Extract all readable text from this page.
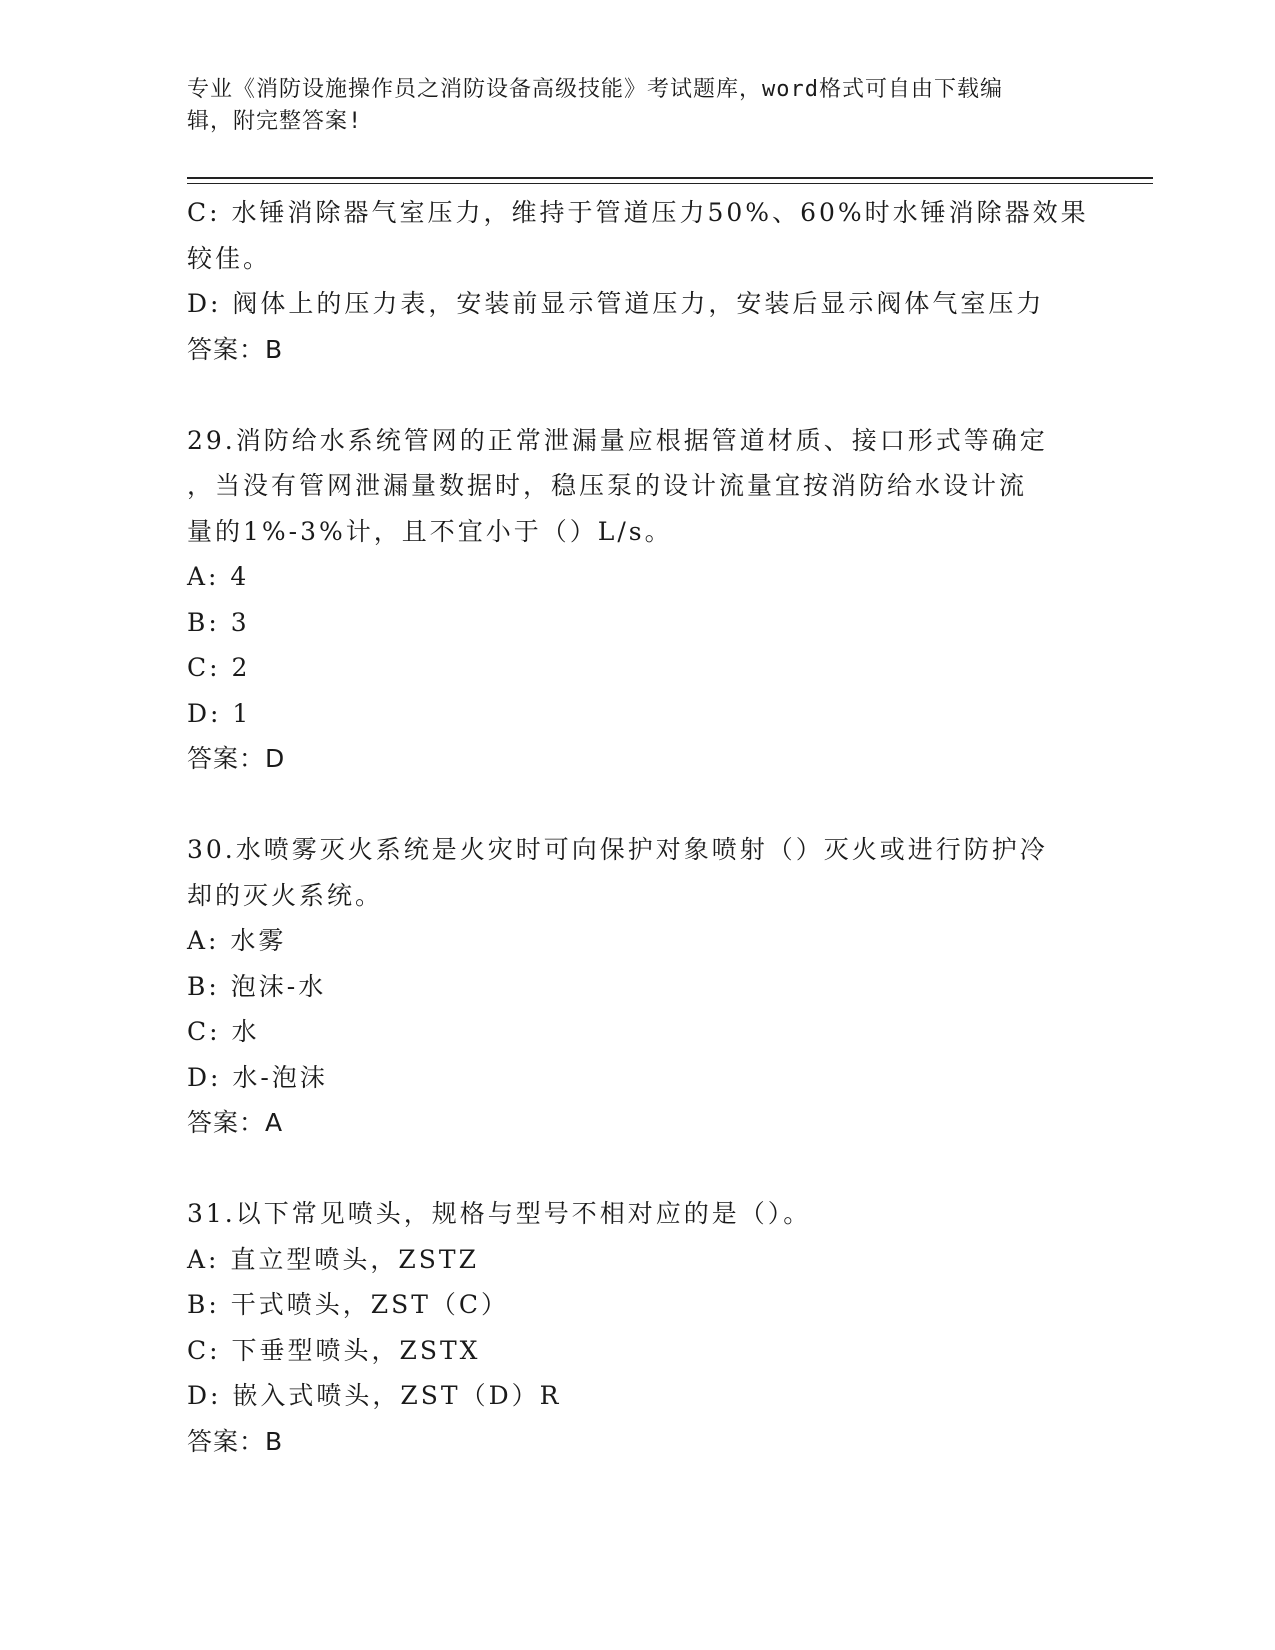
专业《消防设施操作员之消防设备高级技能》考试题库，word格式可自由下载编
辑，附完整答案!
C: 水锤消除器气室压力，维持于管道压力50%、60%时水锤消除器效果
较佳。
D: 阀体上的压力表，安装前显示管道压力，安装后显示阀体气室压力
答案：B
29.消防给水系统管网的正常泄漏量应根据管道材质、接口形式等确定
，当没有管网泄漏量数据时，稳压泵的设计流量宜按消防给水设计流
量的1%-3%计，且不宜小于（）L/s。
A: 4
B: 3
C: 2
D: 1
答案：D
30.水喷雾灭火系统是火灾时可向保护对象喷射（）灭火或进行防护冷
却的灭火系统。
A: 水雾
B: 泡沫-水
C: 水
D: 水-泡沫
答案：A
31.以下常见喷头，规格与型号不相对应的是（）。
A: 直立型喷头，ZSTZ
B: 干式喷头，ZST（C）
C: 下垂型喷头，ZSTX
D: 嵌入式喷头，ZST（D）R
答案：B
